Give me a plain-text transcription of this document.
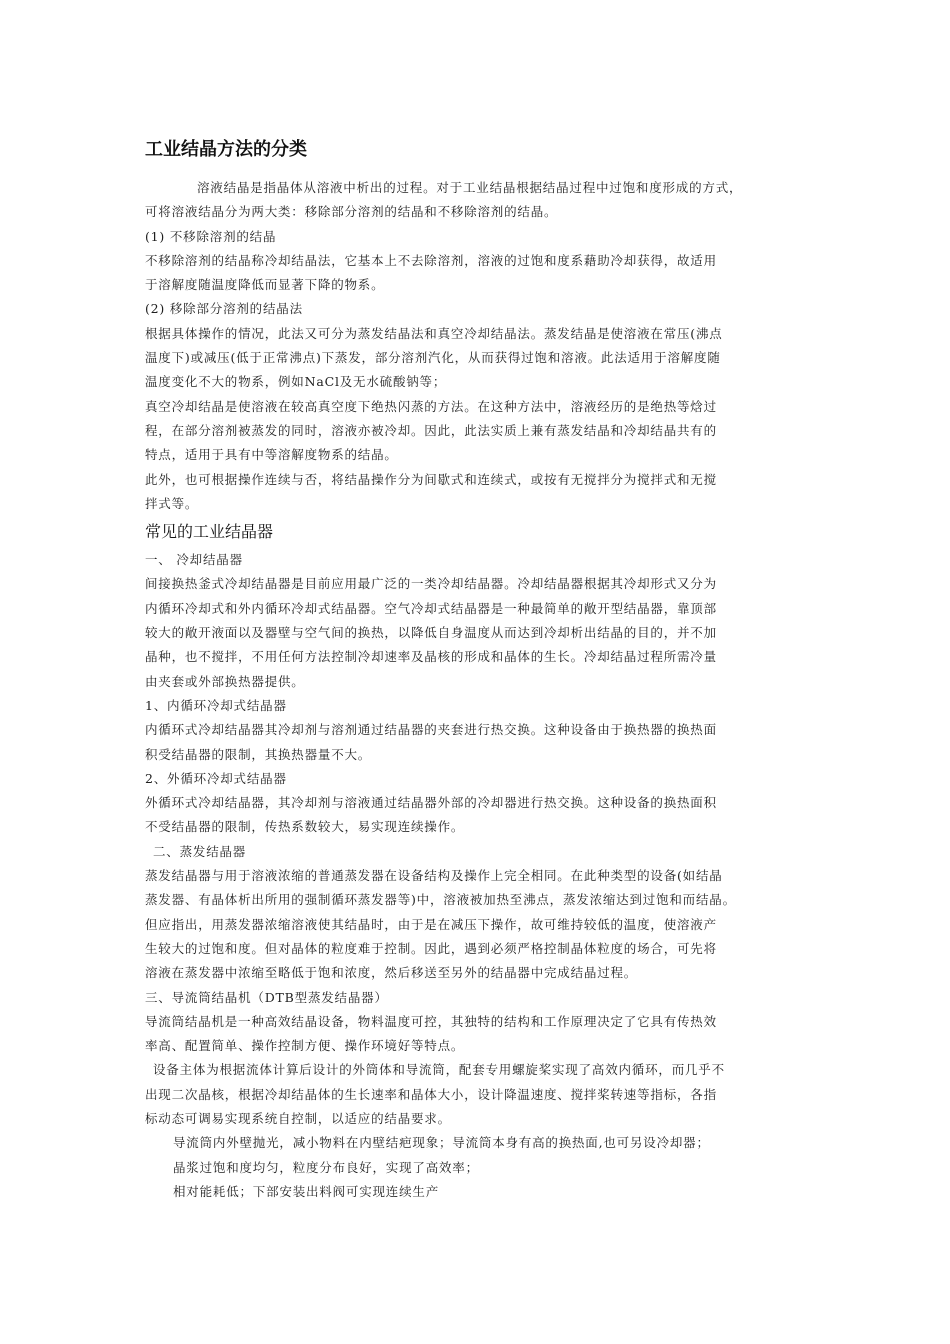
工业结晶方法的分类
溶液结晶是指晶体从溶液中析出的过程。对于工业结晶根据结晶过程中过饱和度形成的方式，
可将溶液结晶分为两大类：移除部分溶剂的结晶和不移除溶剂的结晶。
(1) 不移除溶剂的结晶
不移除溶剂的结晶称冷却结晶法，它基本上不去除溶剂，溶液的过饱和度系藉助冷却获得，故适用
于溶解度随温度降低而显著下降的物系。
(2) 移除部分溶剂的结晶法
根据具体操作的情况，此法又可分为蒸发结晶法和真空冷却结晶法。蒸发结晶是使溶液在常压(沸点
温度下)或减压(低于正常沸点)下蒸发，部分溶剂汽化，从而获得过饱和溶液。此法适用于溶解度随
温度变化不大的物系，例如NaCl及无水硫酸钠等；
真空冷却结晶是使溶液在较高真空度下绝热闪蒸的方法。在这种方法中，溶液经历的是绝热等焓过
程，在部分溶剂被蒸发的同时，溶液亦被冷却。因此，此法实质上兼有蒸发结晶和冷却结晶共有的
特点，适用于具有中等溶解度物系的结晶。
此外，也可根据操作连续与否，将结晶操作分为间歇式和连续式，或按有无搅拌分为搅拌式和无搅
拌式等。
常见的工业结晶器
一、 冷却结晶器
间接换热釜式冷却结晶器是目前应用最广泛的一类冷却结晶器。冷却结晶器根据其冷却形式又分为
内循环冷却式和外内循环冷却式结晶器。空气冷却式结晶器是一种最简单的敞开型结晶器，靠顶部
较大的敞开液面以及器壁与空气间的换热，以降低自身温度从而达到冷却析出结晶的目的，并不加
晶种，也不搅拌，不用任何方法控制冷却速率及晶核的形成和晶体的生长。冷却结晶过程所需冷量
由夹套或外部换热器提供。
1、内循环冷却式结晶器
内循环式冷却结晶器其冷却剂与溶剂通过结晶器的夹套进行热交换。这种设备由于换热器的换热面
积受结晶器的限制，其换热器量不大。
2、外循环冷却式结晶器
外循环式冷却结晶器，其冷却剂与溶液通过结晶器外部的冷却器进行热交换。这种设备的换热面积
不受结晶器的限制，传热系数较大，易实现连续操作。
二、蒸发结晶器
蒸发结晶器与用于溶液浓缩的普通蒸发器在设备结构及操作上完全相同。在此种类型的设备(如结晶
蒸发器、有晶体析出所用的强制循环蒸发器等)中，溶液被加热至沸点，蒸发浓缩达到过饱和而结晶。
但应指出，用蒸发器浓缩溶液使其结晶时，由于是在减压下操作，故可维持较低的温度，使溶液产
生较大的过饱和度。但对晶体的粒度难于控制。因此，遇到必须严格控制晶体粒度的场合，可先将
溶液在蒸发器中浓缩至略低于饱和浓度，然后移送至另外的结晶器中完成结晶过程。
三、导流筒结晶机（DTB型蒸发结晶器）
导流筒结晶机是一种高效结晶设备，物料温度可控，其独特的结构和工作原理决定了它具有传热效
率高、配置简单、操作控制方便、操作环境好等特点。
设备主体为根据流体计算后设计的外筒体和导流筒，配套专用螺旋桨实现了高效内循环，而几乎不
出现二次晶核，根据冷却结晶体的生长速率和晶体大小，设计降温速度、搅拌桨转速等指标，各指
标动态可调易实现系统自控制，以适应的结晶要求。
导流筒内外壁抛光，减小物料在内壁结疤现象；导流筒本身有高的换热面,也可另设冷却器；
晶浆过饱和度均匀，粒度分布良好，实现了高效率；
相对能耗低；下部安装出料阀可实现连续生产
